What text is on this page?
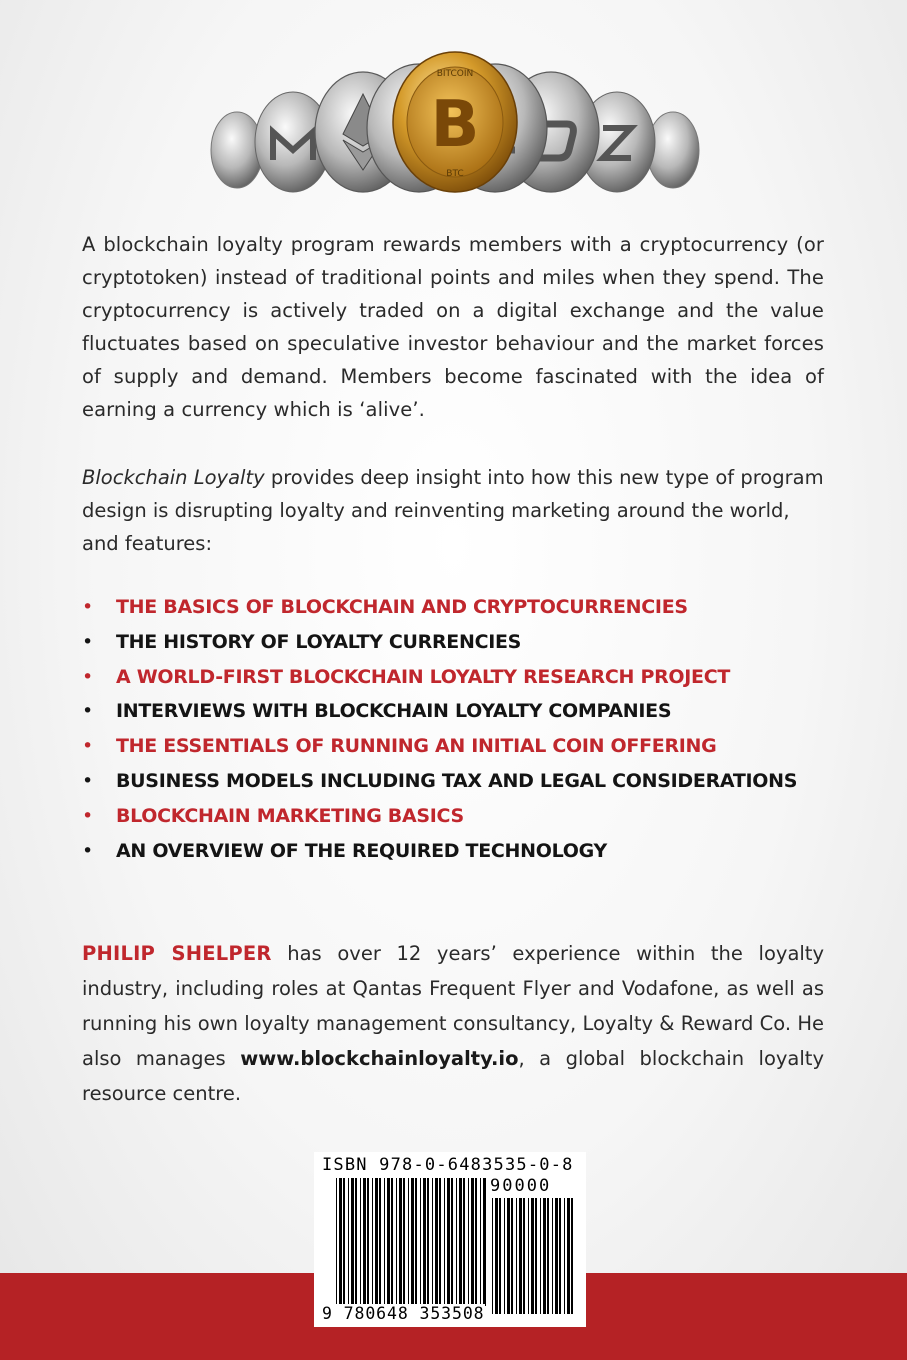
BITCOIN
BTC
B

A blockchain loyalty program rewards members with a cryptocurrency (or cryptotoken) instead of traditional points and miles when they spend. The cryptocurrency is actively traded on a digital exchange and the value fluctuates based on speculative investor behaviour and the market forces of supply and demand. Members become fascinated with the idea of earning a currency which is ‘alive’.

Blockchain Loyalty provides deep insight into how this new type of program design is disrupting loyalty and reinventing marketing around the world, and features:

• THE BASICS OF BLOCKCHAIN AND CRYPTOCURRENCIES
• THE HISTORY OF LOYALTY CURRENCIES
• A WORLD-FIRST BLOCKCHAIN LOYALTY RESEARCH PROJECT
• INTERVIEWS WITH BLOCKCHAIN LOYALTY COMPANIES
• THE ESSENTIALS OF RUNNING AN INITIAL COIN OFFERING
• BUSINESS MODELS INCLUDING TAX AND LEGAL CONSIDERATIONS
• BLOCKCHAIN MARKETING BASICS
• AN OVERVIEW OF THE REQUIRED TECHNOLOGY

PHILIP SHELPER has over 12 years’ experience within the loyalty industry, including roles at Qantas Frequent Flyer and Vodafone, as well as running his own loyalty management consultancy, Loyalty & Reward Co. He also manages www.blockchainloyalty.io, a global blockchain loyalty resource centre.

ISBN 978-0-6483535-0-8
90000
9 780648 353508
